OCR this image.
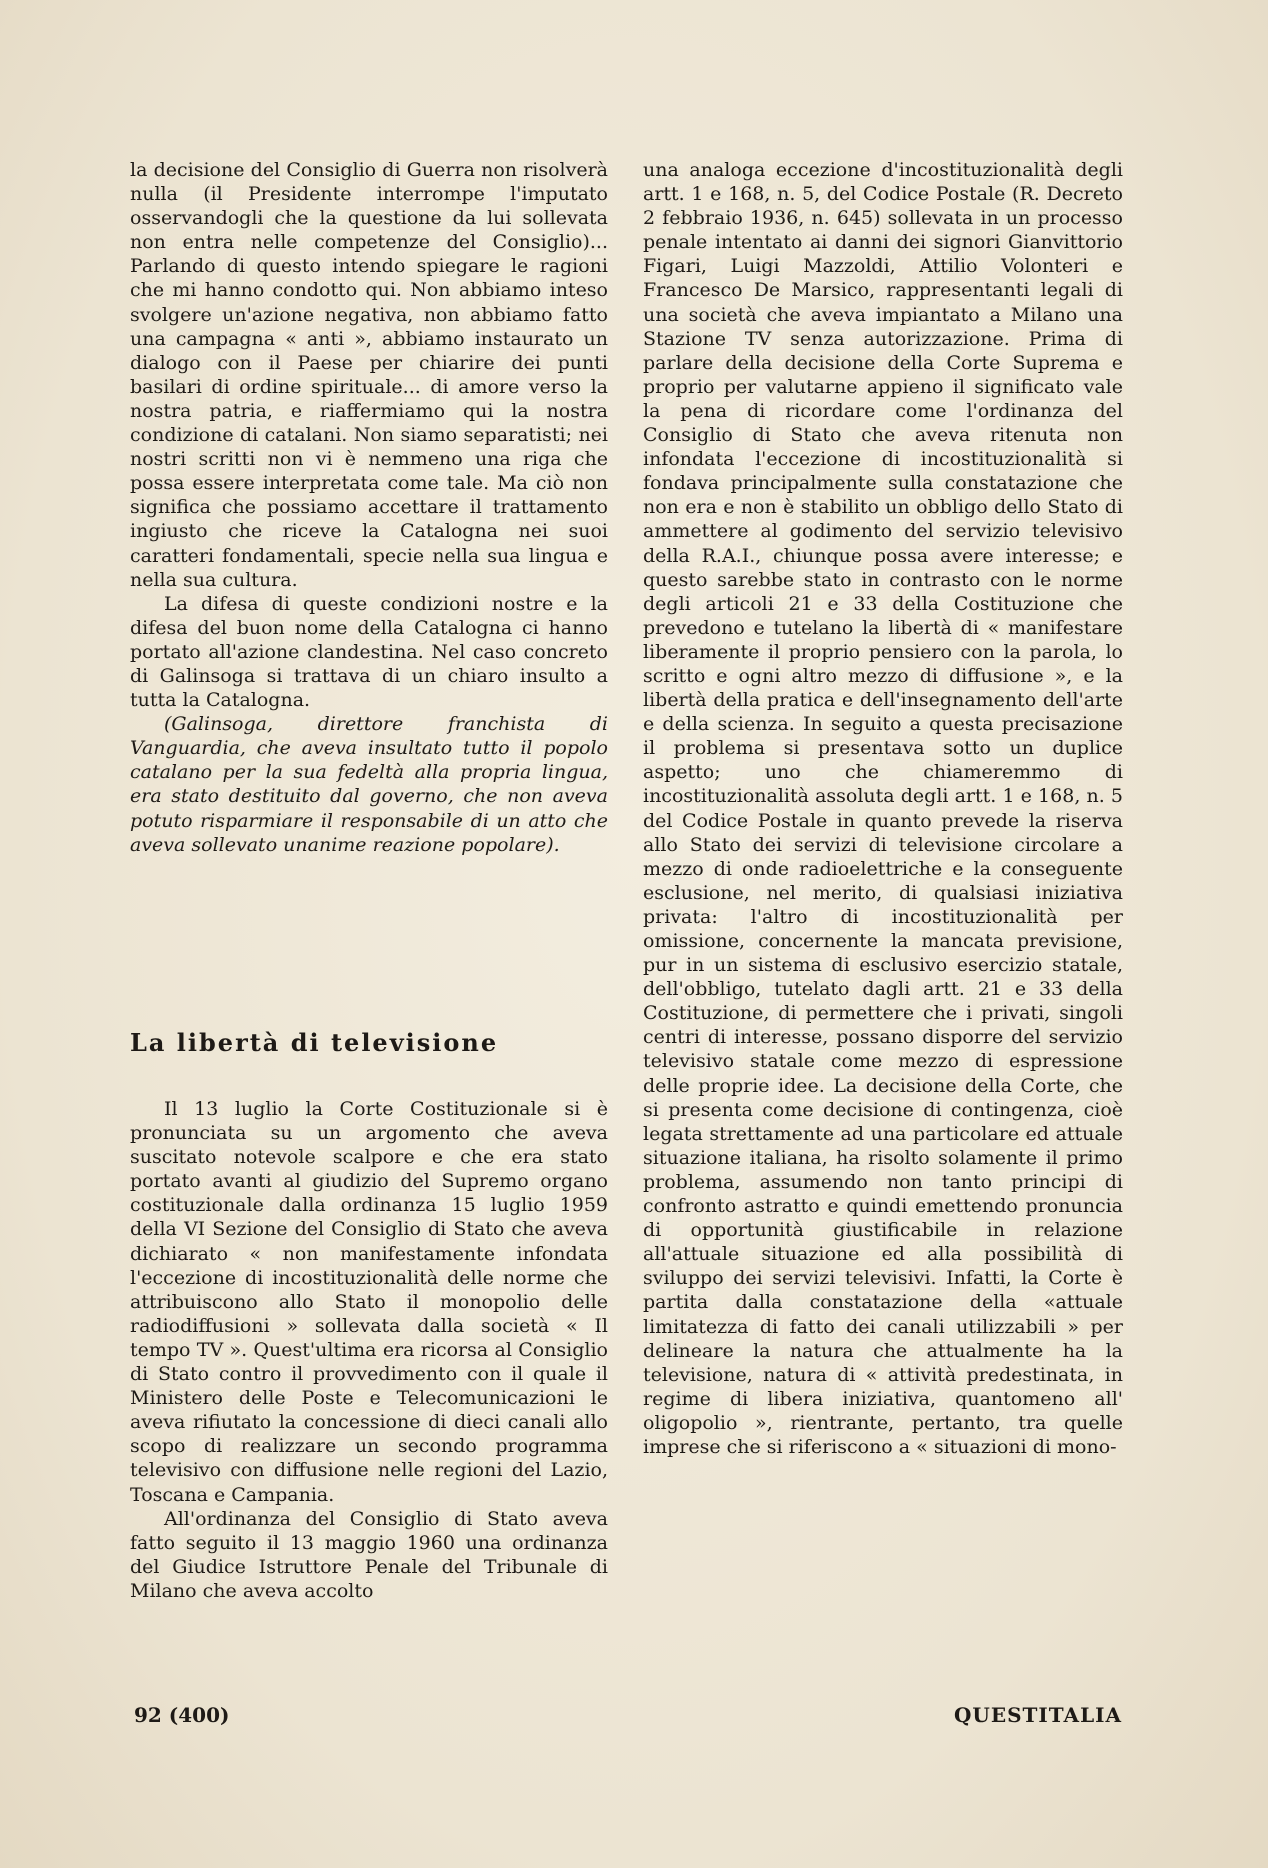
la decisione del Consiglio di Guerra non risolverà nulla (il Presidente interrompe l'imputato osservandogli che la questione da lui sollevata non entra nelle competenze del Consiglio)... Parlando di questo intendo spiegare le ragioni che mi hanno condotto qui. Non abbiamo inteso svolgere un'azione negativa, non abbiamo fatto una campagna « anti », abbiamo instaurato un dialogo con il Paese per chiarire dei punti basilari di ordine spirituale... di amore verso la nostra patria, e riaffermiamo qui la nostra condizione di catalani. Non siamo separatisti; nei nostri scritti non vi è nemmeno una riga che possa essere interpretata come tale. Ma ciò non significa che possiamo accettare il trattamento ingiusto che riceve la Catalogna nei suoi caratteri fondamentali, specie nella sua lingua e nella sua cultura.

La difesa di queste condizioni nostre e la difesa del buon nome della Catalogna ci hanno portato all'azione clandestina. Nel caso concreto di Galinsoga si trattava di un chiaro insulto a tutta la Catalogna.

(Galinsoga, direttore franchista di Vanguardia, che aveva insultato tutto il popolo catalano per la sua fedeltà alla propria lingua, era stato destituito dal governo, che non aveva potuto risparmiare il responsabile di un atto che aveva sollevato unanime reazione popolare).

La libertà di televisione

Il 13 luglio la Corte Costituzionale si è pronunciata su un argomento che aveva suscitato notevole scalpore e che era stato portato avanti al giudizio del Supremo organo costituzionale dalla ordinanza 15 luglio 1959 della VI Sezione del Consiglio di Stato che aveva dichiarato « non manifestamente infondata l'eccezione di incostituzionalità delle norme che attribuiscono allo Stato il monopolio delle radiodiffusioni » sollevata dalla società « Il tempo TV ». Quest'ultima era ricorsa al Consiglio di Stato contro il provvedimento con il quale il Ministero delle Poste e Telecomunicazioni le aveva rifiutato la concessione di dieci canali allo scopo di realizzare un secondo programma televisivo con diffusione nelle regioni del Lazio, Toscana e Campania.

All'ordinanza del Consiglio di Stato aveva fatto seguito il 13 maggio 1960 una ordinanza del Giudice Istruttore Penale del Tribunale di Milano che aveva accolto

una analoga eccezione d'incostituzionalità degli artt. 1 e 168, n. 5, del Codice Postale (R. Decreto 2 febbraio 1936, n. 645) sollevata in un processo penale intentato ai danni dei signori Gianvittorio Figari, Luigi Mazzoldi, Attilio Volonteri e Francesco De Marsico, rappresentanti legali di una società che aveva impiantato a Milano una Stazione TV senza autorizzazione. Prima di parlare della decisione della Corte Suprema e proprio per valutarne appieno il significato vale la pena di ricordare come l'ordinanza del Consiglio di Stato che aveva ritenuta non infondata l'eccezione di incostituzionalità si fondava principalmente sulla constatazione che non era e non è stabilito un obbligo dello Stato di ammettere al godimento del servizio televisivo della R.A.I., chiunque possa avere interesse; e questo sarebbe stato in contrasto con le norme degli articoli 21 e 33 della Costituzione che prevedono e tutelano la libertà di « manifestare liberamente il proprio pensiero con la parola, lo scritto e ogni altro mezzo di diffusione », e la libertà della pratica e dell'insegnamento dell'arte e della scienza. In seguito a questa precisazione il problema si presentava sotto un duplice aspetto; uno che chiameremmo di incostituzionalità assoluta degli artt. 1 e 168, n. 5 del Codice Postale in quanto prevede la riserva allo Stato dei servizi di televisione circolare a mezzo di onde radioelettriche e la conseguente esclusione, nel merito, di qualsiasi iniziativa privata: l'altro di incostituzionalità per omissione, concernente la mancata previsione, pur in un sistema di esclusivo esercizio statale, dell'obbligo, tutelato dagli artt. 21 e 33 della Costituzione, di permettere che i privati, singoli centri di interesse, possano disporre del servizio televisivo statale come mezzo di espressione delle proprie idee. La decisione della Corte, che si presenta come decisione di contingenza, cioè legata strettamente ad una particolare ed attuale situazione italiana, ha risolto solamente il primo problema, assumendo non tanto principi di confronto astratto e quindi emettendo pronuncia di opportunità giustificabile in relazione all'attuale situazione ed alla possibilità di sviluppo dei servizi televisivi. Infatti, la Corte è partita dalla constatazione della «attuale limitatezza di fatto dei canali utilizzabili » per delineare la natura che attualmente ha la televisione, natura di « attività predestinata, in regime di libera iniziativa, quantomeno all' oligopolio », rientrante, pertanto, tra quelle imprese che si riferiscono a « situazioni di mono-

92 (400)	QUESTITALIA
